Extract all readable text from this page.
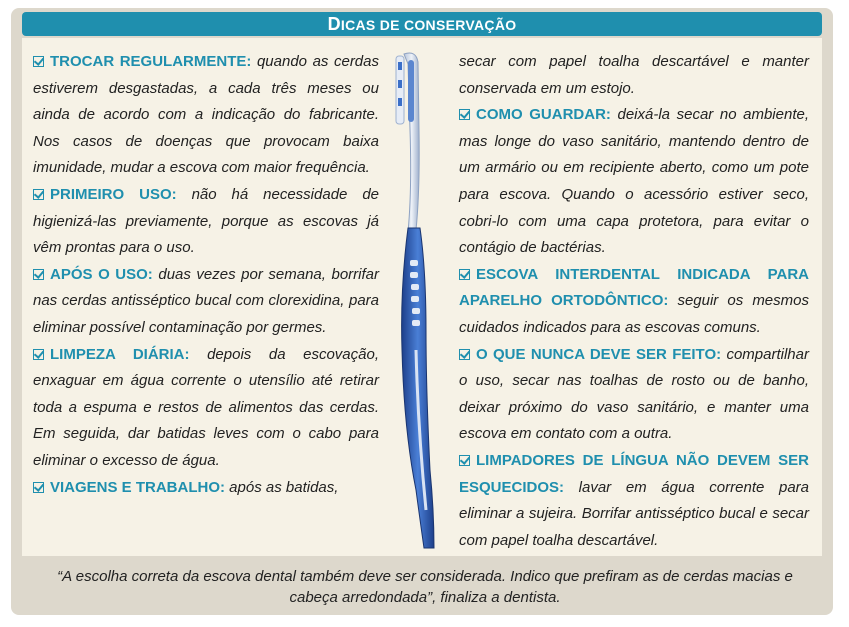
DICAS DE CONSERVAÇÃO

TROCAR REGULARMENTE: quando as cerdas estiverem desgastadas, a cada três meses ou ainda de acordo com a indicação do fabricante. Nos casos de doenças que provocam baixa imunidade, mudar a escova com maior frequência.

PRIMEIRO USO: não há necessidade de higienizá-las previamente, porque as escovas já vêm prontas para o uso.

APÓS O USO: duas vezes por semana, borrifar nas cerdas antisséptico bucal com clorexidina, para eliminar possível contaminação por germes.

LIMPEZA DIÁRIA: depois da escovação, enxaguar em água corrente o utensílio até retirar toda a espuma e restos de alimentos das cerdas. Em seguida, dar batidas leves com o cabo para eliminar o excesso de água.

VIAGENS E TRABALHO: após as batidas,

secar com papel toalha descartável e manter conservada em um estojo.

COMO GUARDAR: deixá-la secar no ambiente, mas longe do vaso sanitário, mantendo dentro de um armário ou em recipiente aberto, como um pote para escova. Quando o acessório estiver seco, cobri-lo com uma capa protetora, para evitar o contágio de bactérias.

ESCOVA INTERDENTAL INDICADA PARA APARELHO ORTODÔNTICO: seguir os mesmos cuidados indicados para as escovas comuns.

O QUE NUNCA DEVE SER FEITO: compartilhar o uso, secar nas toalhas de rosto ou de banho, deixar próximo do vaso sanitário, e manter uma escova em contato com a outra.

LIMPADORES DE LÍNGUA NÃO DEVEM SER ESQUECIDOS: lavar em água corrente para eliminar a sujeira. Borrifar antisséptico bucal e secar com papel toalha descartável.

“A escolha correta da escova dental também deve ser considerada. Indico que prefiram as de cerdas macias e cabeça arredondada”, finaliza a dentista.
